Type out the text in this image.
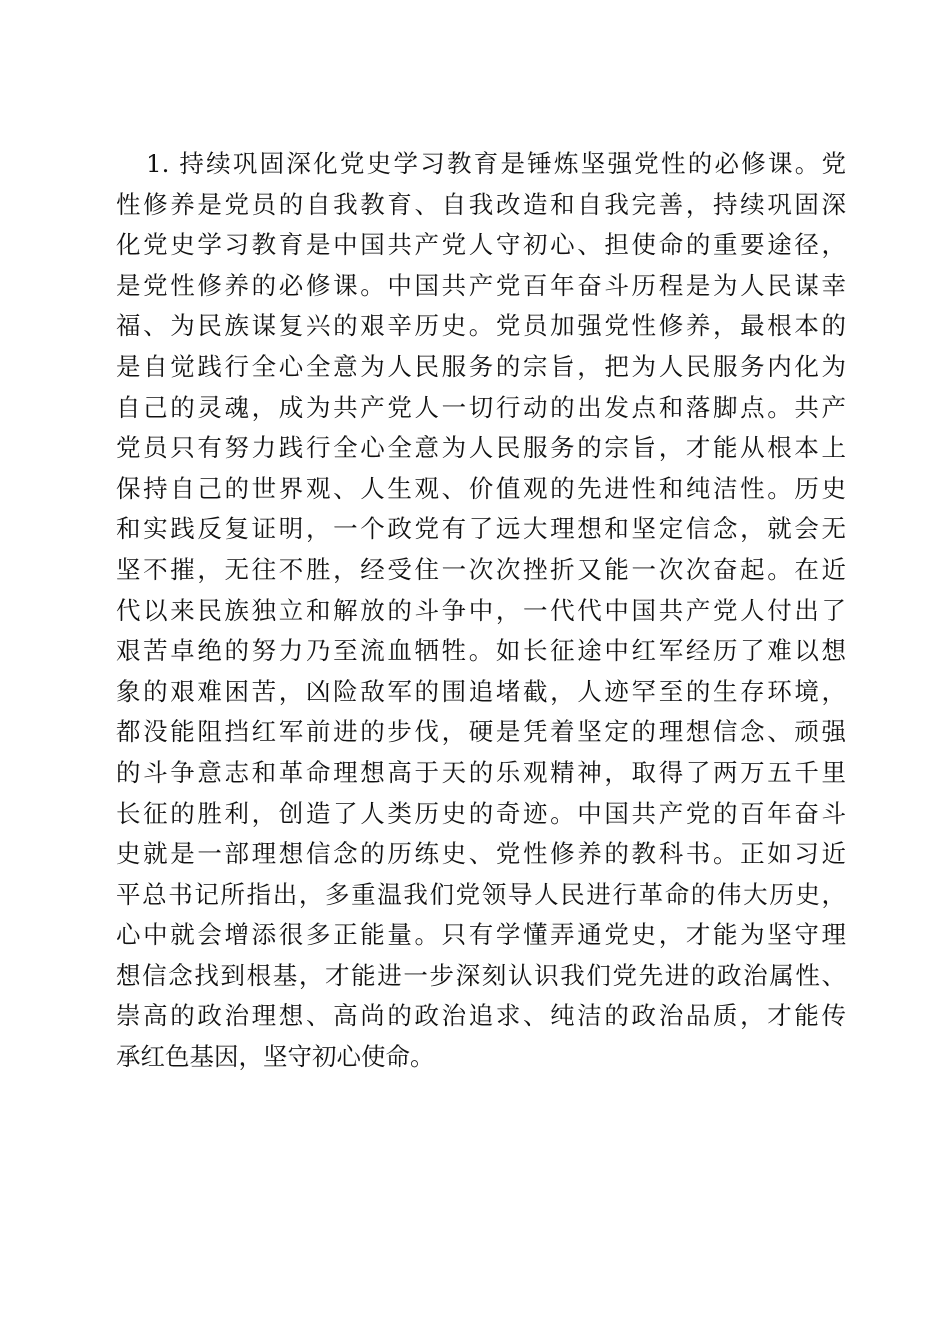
1. 持续巩固深化党史学习教育是锤炼坚强党性的必修课。党
性修养是党员的自我教育、自我改造和自我完善，持续巩固深
化党史学习教育是中国共产党人守初心、担使命的重要途径，
是党性修养的必修课。中国共产党百年奋斗历程是为人民谋幸
福、为民族谋复兴的艰辛历史。党员加强党性修养，最根本的
是自觉践行全心全意为人民服务的宗旨，把为人民服务内化为
自己的灵魂，成为共产党人一切行动的出发点和落脚点。共产
党员只有努力践行全心全意为人民服务的宗旨，才能从根本上
保持自己的世界观、人生观、价值观的先进性和纯洁性。历史
和实践反复证明，一个政党有了远大理想和坚定信念，就会无
坚不摧，无往不胜，经受住一次次挫折又能一次次奋起。在近
代以来民族独立和解放的斗争中，一代代中国共产党人付出了
艰苦卓绝的努力乃至流血牺牲。如长征途中红军经历了难以想
象的艰难困苦，凶险敌军的围追堵截，人迹罕至的生存环境，
都没能阻挡红军前进的步伐，硬是凭着坚定的理想信念、顽强
的斗争意志和革命理想高于天的乐观精神，取得了两万五千里
长征的胜利，创造了人类历史的奇迹。中国共产党的百年奋斗
史就是一部理想信念的历练史、党性修养的教科书。正如习近
平总书记所指出，多重温我们党领导人民进行革命的伟大历史，
心中就会增添很多正能量。只有学懂弄通党史，才能为坚守理
想信念找到根基，才能进一步深刻认识我们党先进的政治属性、
崇高的政治理想、高尚的政治追求、纯洁的政治品质，才能传
承红色基因，坚守初心使命。
